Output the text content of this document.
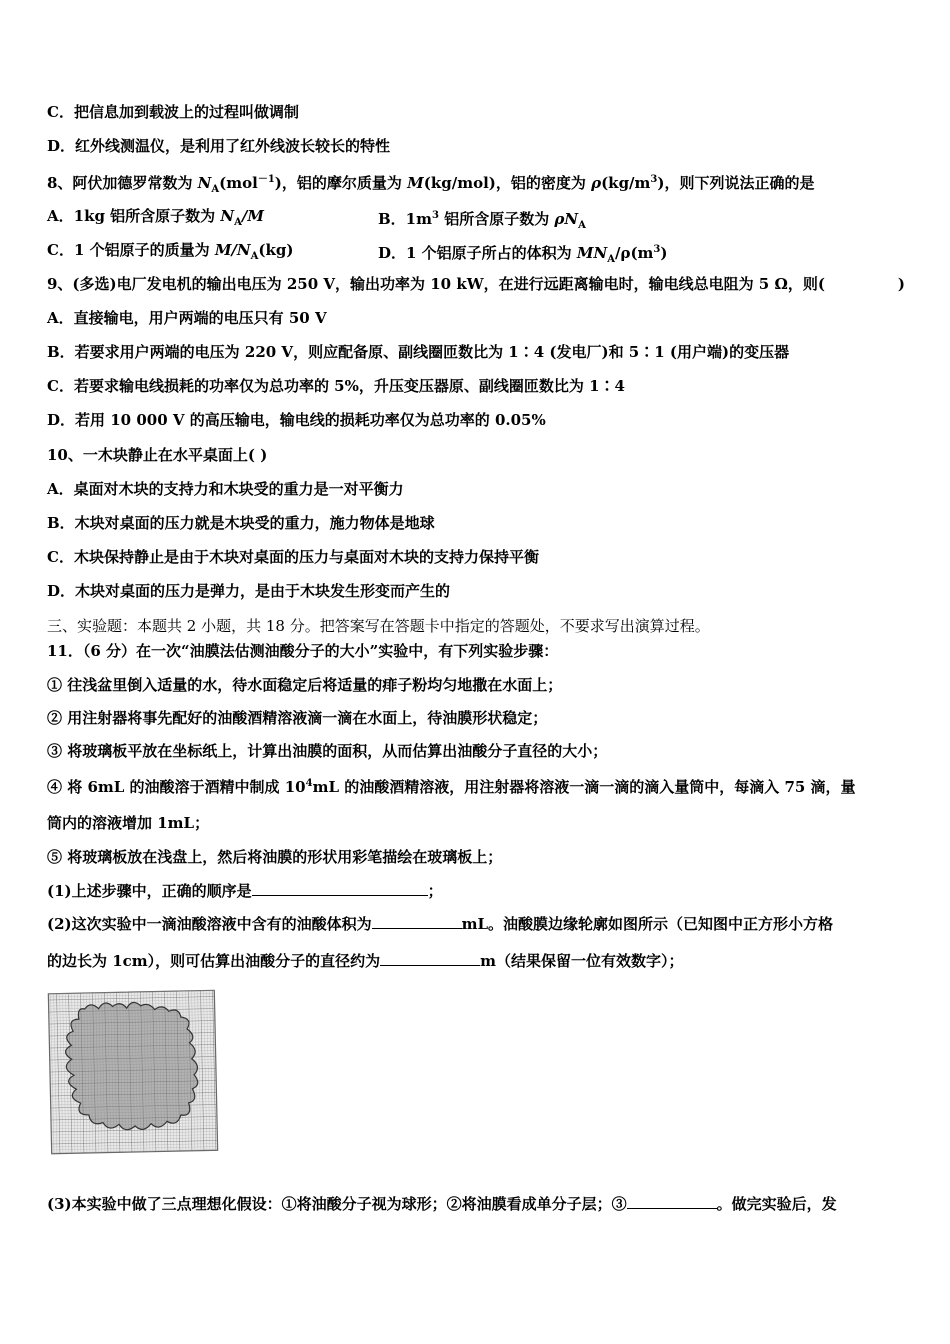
C．把信息加到载波上的过程叫做调制
D．红外线测温仪，是利用了红外线波长较长的特性
8、阿伏加德罗常数为 $N_A(mol^{-1})$，铝的摩尔质量为 M(kg/mol)，铝的密度为 $\rho(kg/m^3)$，则下列说法正确的是
A．1kg 铝所含原子数为 $N_A/M$	B．$1m^3$ 铝所含原子数为 $\rho N_A$
C．1 个铝原子的质量为 $M/N_A(kg)$	D．1 个铝原子所占的体积为 $MN_A/\rho(m^3)$
9、(多选)电厂发电机的输出电压为 250 V，输出功率为 10 kW，在进行远距离输电时，输电线总电阻为 5 Ω，则(	)
A．直接输电，用户两端的电压只有 50 V
B．若要求用户两端的电压为 220 V，则应配备原、副线圈匝数比为 1∶4 (发电厂)和 5∶1 (用户端)的变压器
C．若要求输电线损耗的功率仅为总功率的 5%，升压变压器原、副线圈匝数比为 1∶4
D．若用 10 000 V 的高压输电，输电线的损耗功率仅为总功率的 0.05%
10、一木块静止在水平桌面上( )
A．桌面对木块的支持力和木块受的重力是一对平衡力
B．木块对桌面的压力就是木块受的重力，施力物体是地球
C．木块保持静止是由于木块对桌面的压力与桌面对木块的支持力保持平衡
D．木块对桌面的压力是弹力，是由于木块发生形变而产生的
三、实验题：本题共 2 小题，共 18 分。把答案写在答题卡中指定的答题处，不要求写出演算过程。
11．（6 分）在一次“油膜法估测油酸分子的大小”实验中，有下列实验步骤：
① 往浅盆里倒入适量的水，待水面稳定后将适量的痱子粉均匀地撒在水面上；
② 用注射器将事先配好的油酸酒精溶液滴一滴在水面上，待油膜形状稳定；
③ 将玻璃板平放在坐标纸上，计算出油膜的面积，从而估算出油酸分子直径的大小；
④ 将 6mL 的油酸溶于酒精中制成 $10^4mL$ 的油酸酒精溶液，用注射器将溶液一滴一滴的滴入量筒中，每滴入 75 滴，量
筒内的溶液增加 1mL；
⑤ 将玻璃板放在浅盘上，然后将油膜的形状用彩笔描绘在玻璃板上；
(1)上述步骤中，正确的顺序是	；
(2)这次实验中一滴油酸溶液中含有的油酸体积为	mL。油酸膜边缘轮廓如图所示（已知图中正方形小方格
的边长为 1cm），则可估算出油酸分子的直径约为	m（结果保留一位有效数字）；
(3)本实验中做了三点理想化假设：①将油酸分子视为球形；②将油膜看成单分子层；③	。做完实验后，发
